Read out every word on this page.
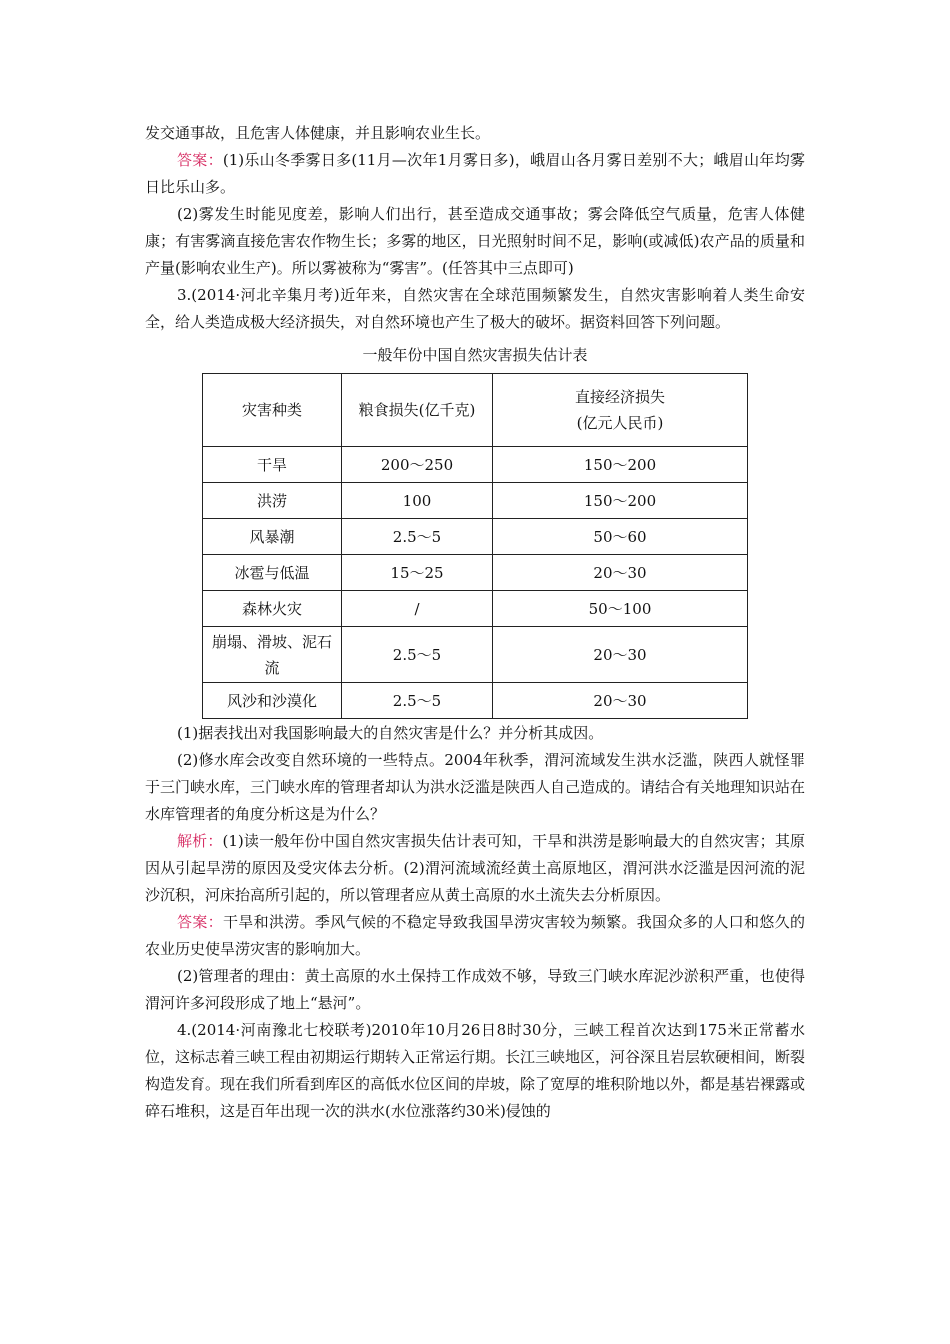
发交通事故，且危害人体健康，并且影响农业生长。

答案：(1)乐山冬季雾日多(11月—次年1月雾日多)，峨眉山各月雾日差别不大；峨眉山年均雾日比乐山多。

(2)雾发生时能见度差，影响人们出行，甚至造成交通事故；雾会降低空气质量，危害人体健康；有害雾滴直接危害农作物生长；多雾的地区，日光照射时间不足，影响(或减低)农产品的质量和产量(影响农业生产)。所以雾被称为“雾害”。(任答其中三点即可)

3.(2014·河北辛集月考)近年来，自然灾害在全球范围频繁发生，自然灾害影响着人类生命安全，给人类造成极大经济损失，对自然环境也产生了极大的破坏。据资料回答下列问题。

一般年份中国自然灾害损失估计表

灾害种类	粮食损失(亿千克)	直接经济损失
(亿元人民币)
干旱	200～250	150～200
洪涝	100	150～200
风暴潮	2.5～5	50～60
冰雹与低温	15～25	20～30
森林火灾	/	50～100
崩塌、滑坡、泥石流	2.5～5	20～30
风沙和沙漠化	2.5～5	20～30

(1)据表找出对我国影响最大的自然灾害是什么？并分析其成因。

(2)修水库会改变自然环境的一些特点。2004年秋季，渭河流域发生洪水泛滥，陕西人就怪罪于三门峡水库，三门峡水库的管理者却认为洪水泛滥是陕西人自己造成的。请结合有关地理知识站在水库管理者的角度分析这是为什么？

解析：(1)读一般年份中国自然灾害损失估计表可知，干旱和洪涝是影响最大的自然灾害；其原因从引起旱涝的原因及受灾体去分析。(2)渭河流域流经黄土高原地区，渭河洪水泛滥是因河流的泥沙沉积，河床抬高所引起的，所以管理者应从黄土高原的水土流失去分析原因。

答案：干旱和洪涝。季风气候的不稳定导致我国旱涝灾害较为频繁。我国众多的人口和悠久的农业历史使旱涝灾害的影响加大。

(2)管理者的理由：黄土高原的水土保持工作成效不够，导致三门峡水库泥沙淤积严重，也使得渭河许多河段形成了地上“悬河”。

4.(2014·河南豫北七校联考)2010年10月26日8时30分，三峡工程首次达到175米正常蓄水位，这标志着三峡工程由初期运行期转入正常运行期。长江三峡地区，河谷深且岩层软硬相间，断裂构造发育。现在我们所看到库区的高低水位区间的岸坡，除了宽厚的堆积阶地以外，都是基岩裸露或碎石堆积，这是百年出现一次的洪水(水位涨落约30米)侵蚀的
